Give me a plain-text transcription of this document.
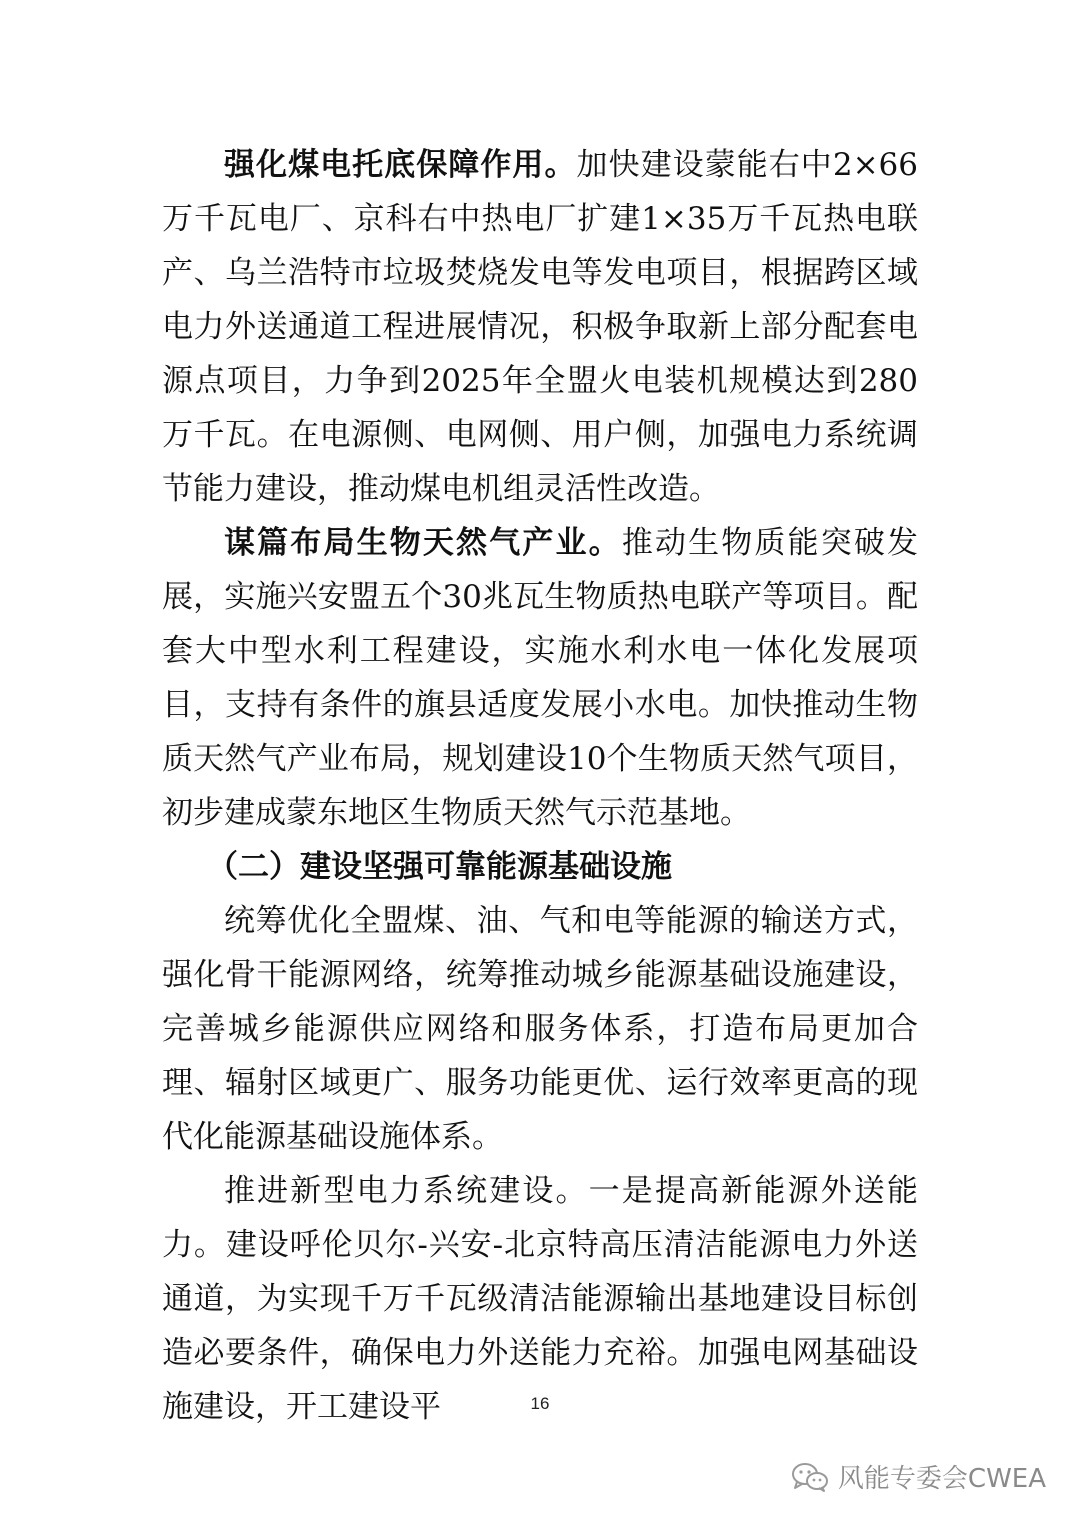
强化煤电托底保障作用。加快建设蒙能右中2×66万千瓦电厂、京科右中热电厂扩建1×35万千瓦热电联产、乌兰浩特市垃圾焚烧发电等发电项目，根据跨区域电力外送通道工程进展情况，积极争取新上部分配套电源点项目，力争到2025年全盟火电装机规模达到280万千瓦。在电源侧、电网侧、用户侧，加强电力系统调节能力建设，推动煤电机组灵活性改造。

谋篇布局生物天然气产业。推动生物质能突破发展，实施兴安盟五个30兆瓦生物质热电联产等项目。配套大中型水利工程建设，实施水利水电一体化发展项目，支持有条件的旗县适度发展小水电。加快推动生物质天然气产业布局，规划建设10个生物质天然气项目，初步建成蒙东地区生物质天然气示范基地。

（二）建设坚强可靠能源基础设施

统筹优化全盟煤、油、气和电等能源的输送方式，强化骨干能源网络，统筹推动城乡能源基础设施建设，完善城乡能源供应网络和服务体系，打造布局更加合理、辐射区域更广、服务功能更优、运行效率更高的现代化能源基础设施体系。

推进新型电力系统建设。一是提高新能源外送能力。建设呼伦贝尔-兴安-北京特高压清洁能源电力外送通道，为实现千万千瓦级清洁能源输出基地建设目标创造必要条件，确保电力外送能力充裕。加强电网基础设施建设，开工建设平	16
风能专委会CWEA
